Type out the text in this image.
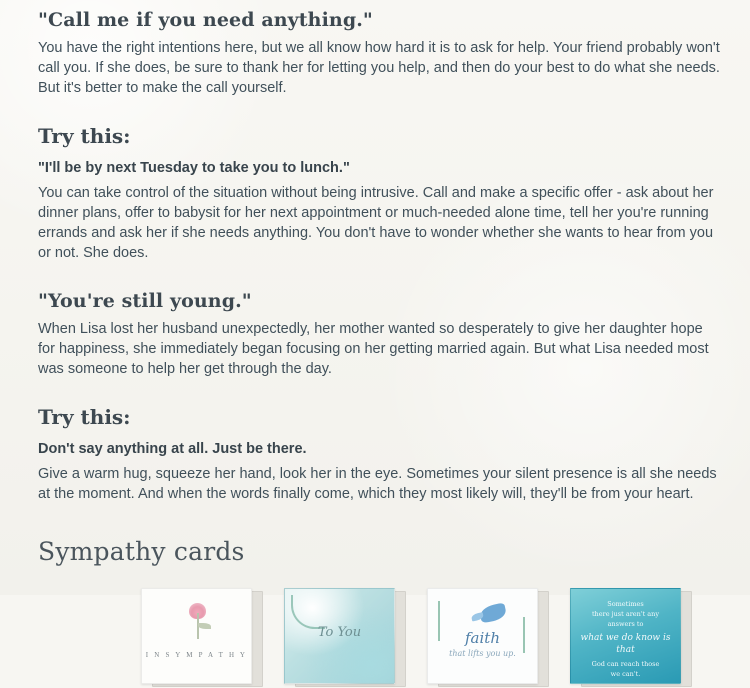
"Call me if you need anything."

You have the right intentions here, but we all know how hard it is to ask for help. Your friend probably won't call you. If she does, be sure to thank her for letting you help, and then do your best to do what she needs. But it's better to make the call yourself.

Try this:

"I'll be by next Tuesday to take you to lunch."

You can take control of the situation without being intrusive. Call and make a specific offer - ask about her dinner plans, offer to babysit for her next appointment or much-needed alone time, tell her you're running errands and ask her if she needs anything. You don't have to wonder whether she wants to hear from you or not. She does.

"You're still young."

When Lisa lost her husband unexpectedly, her mother wanted so desperately to give her daughter hope for happiness, she immediately began focusing on her getting married again. But what Lisa needed most was someone to help her get through the day.

Try this:

Don't say anything at all. Just be there.

Give a warm hug, squeeze her hand, look her in the eye. Sometimes your silent presence is all she needs at the moment. And when the words finally come, which they most likely will, they'll be from your heart.

Sympathy cards
I N S Y M P A T H Y
To You	faith
that lifts you up.
Sometimes
there just aren't any answers to
what we do know is that
God can reach those
we can't.
